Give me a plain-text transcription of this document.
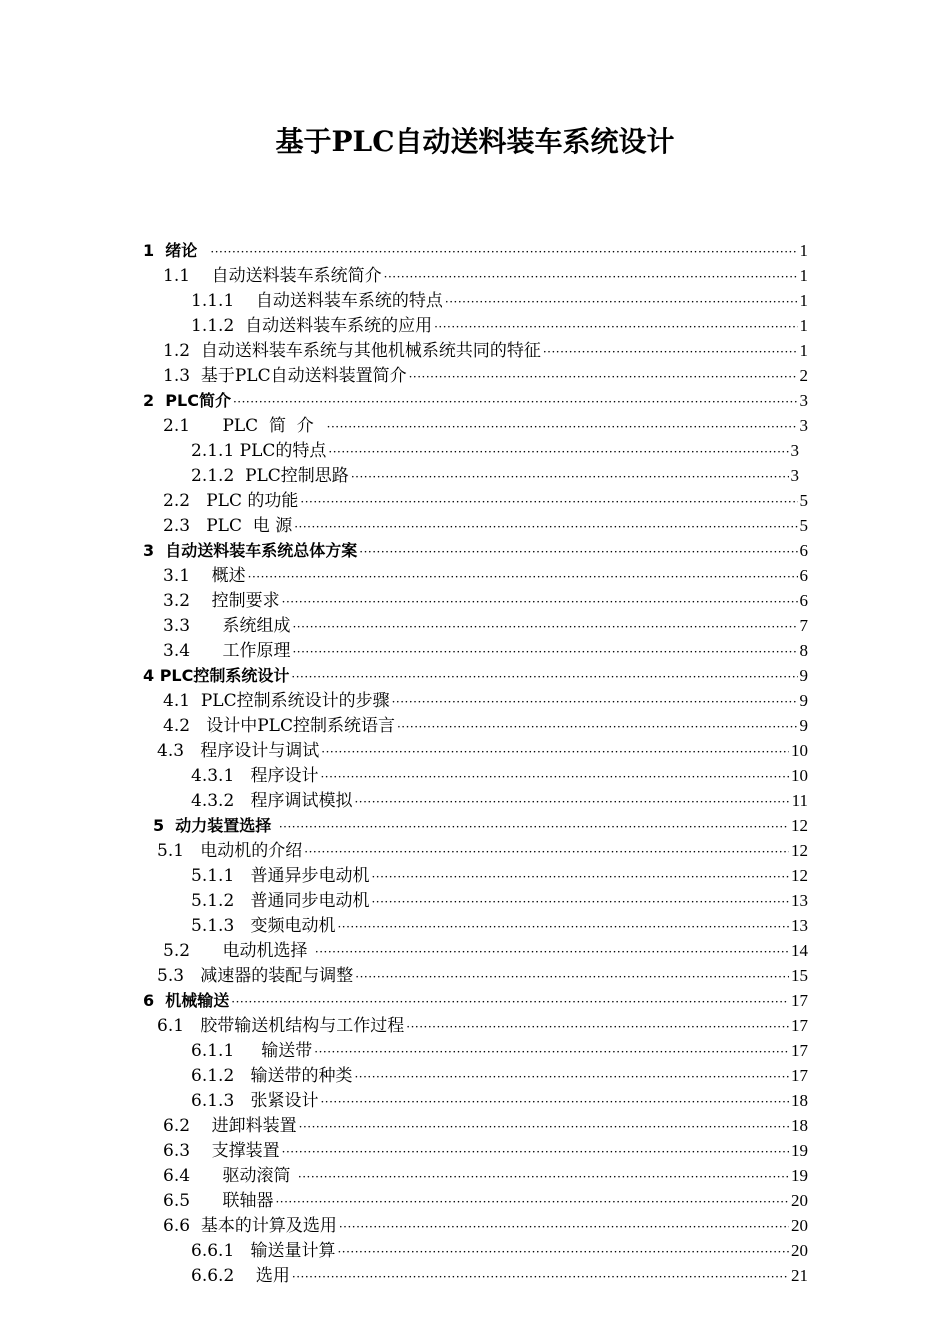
基于PLC自动送料装车系统设计
1  绪论 ·····	1
1.1    自动送料装车系统简介 ·····	1
1.1.1    自动送料装车系统的特点 ·····	1
1.1.2  自动送料装车系统的应用 ·····	1
1.2  自动送料装车系统与其他机械系统共同的特征 ·····	1
1.3  基于PLC自动送料装置简介 ·····	2
2  PLC简介 ·····	3
2.1      PLC  简  介 ·····	3
2.1.1 PLC的特点 ·····	3
2.1.2  PLC控制思路 ·····	3
2.2   PLC 的功能 ·····	5
2.3   PLC  电 源 ·····	5
3  自动送料装车系统总体方案 ·····	6
3.1    概述 ·····	6
3.2    控制要求 ·····	6
3.3      系统组成 ·····	7
3.4      工作原理 ·····	8
4 PLC控制系统设计 ·····	9
4.1  PLC控制系统设计的步骤 ·····	9
4.2   设计中PLC控制系统语言 ·····	9
4.3   程序设计与调试 ·····	10
4.3.1   程序设计 ·····	10
4.3.2   程序调试模拟 ·····	11
5  动力装置选择 ·····	12
5.1   电动机的介绍 ·····	12
5.1.1   普通异步电动机 ·····	12
5.1.2   普通同步电动机 ·····	13
5.1.3   变频电动机 ·····	13
5.2      电动机选择 ·····	14
5.3   减速器的装配与调整 ·····	15
6  机械输送 ·····	17
6.1   胶带输送机结构与工作过程 ·····	17
6.1.1     输送带 ·····	17
6.1.2   输送带的种类 ·····	17
6.1.3   张紧设计 ·····	18
6.2    进卸料装置 ·····	18
6.3    支撑装置 ·····	19
6.4      驱动滚筒 ·····	19
6.5      联轴器 ·····	20
6.6  基本的计算及选用 ·····	20
6.6.1   输送量计算 ·····	20
6.6.2    选用 ·····	21
